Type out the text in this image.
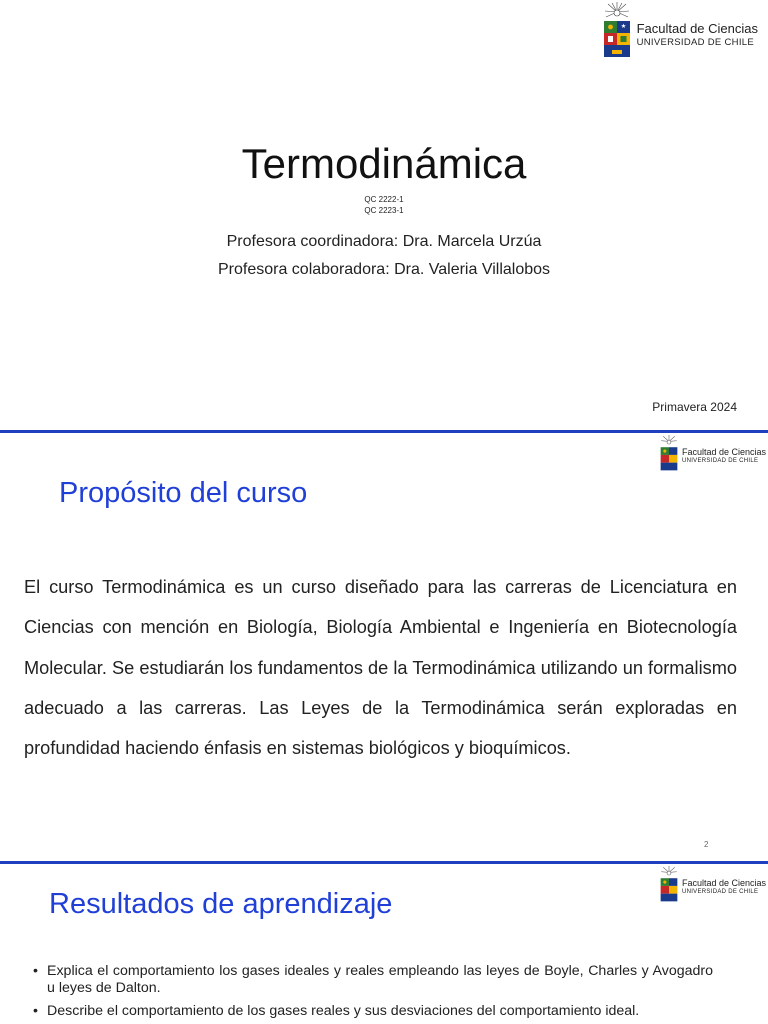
Facultad de Ciencias
UNIVERSIDAD DE CHILE
Termodinámica
QC 2222-1
QC 2223-1
Profesora coordinadora: Dra. Marcela Urzúa
Profesora colaboradora: Dra. Valeria Villalobos
Primavera 2024
Facultad de Ciencias
UNIVERSIDAD DE CHILE
Propósito del curso
El curso Termodinámica es un curso diseñado para las carreras de Licenciatura en Ciencias con mención en Biología, Biología Ambiental e Ingeniería en Biotecnología Molecular. Se estudiarán los fundamentos de la Termodinámica utilizando un formalismo adecuado a las carreras. Las Leyes de la Termodinámica serán exploradas en profundidad haciendo énfasis en sistemas biológicos y bioquímicos.
2
Facultad de Ciencias
UNIVERSIDAD DE CHILE
Resultados de aprendizaje
• Explica el comportamiento los gases ideales y reales empleando las leyes de Boyle, Charles y Avogadro u leyes de Dalton.
• Describe el comportamiento de los gases reales y sus desviaciones del comportamiento ideal.
